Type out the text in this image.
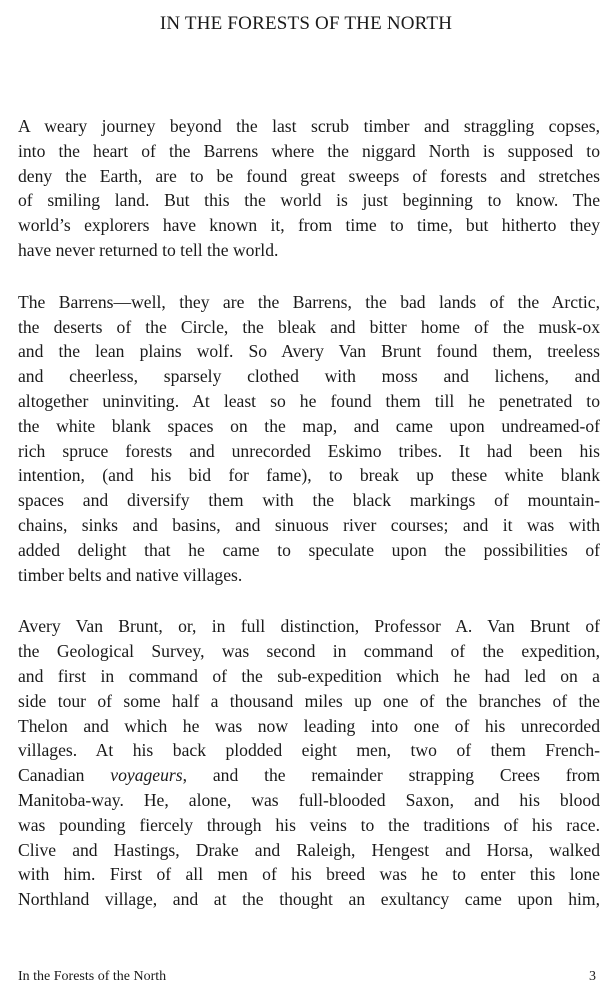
IN THE FORESTS OF THE NORTH

A weary journey beyond the last scrub timber and straggling copses,
into the heart of the Barrens where the niggard North is supposed to
deny the Earth, are to be found great sweeps of forests and stretches
of smiling land. But this the world is just beginning to know. The
world’s explorers have known it, from time to time, but hitherto they
have never returned to tell the world.

The Barrens—well, they are the Barrens, the bad lands of the Arctic,
the deserts of the Circle, the bleak and bitter home of the musk-ox
and the lean plains wolf. So Avery Van Brunt found them, treeless
and cheerless, sparsely clothed with moss and lichens, and
altogether uninviting. At least so he found them till he penetrated to
the white blank spaces on the map, and came upon undreamed-of
rich spruce forests and unrecorded Eskimo tribes. It had been his
intention, (and his bid for fame), to break up these white blank
spaces and diversify them with the black markings of mountain-
chains, sinks and basins, and sinuous river courses; and it was with
added delight that he came to speculate upon the possibilities of
timber belts and native villages.

Avery Van Brunt, or, in full distinction, Professor A. Van Brunt of
the Geological Survey, was second in command of the expedition,
and first in command of the sub-expedition which he had led on a
side tour of some half a thousand miles up one of the branches of the
Thelon and which he was now leading into one of his unrecorded
villages. At his back plodded eight men, two of them French-
Canadian voyageurs, and the remainder strapping Crees from
Manitoba-way. He, alone, was full-blooded Saxon, and his blood
was pounding fiercely through his veins to the traditions of his race.
Clive and Hastings, Drake and Raleigh, Hengest and Horsa, walked
with him. First of all men of his breed was he to enter this lone
Northland village, and at the thought an exultancy came upon him,

In the Forests of the North	3
